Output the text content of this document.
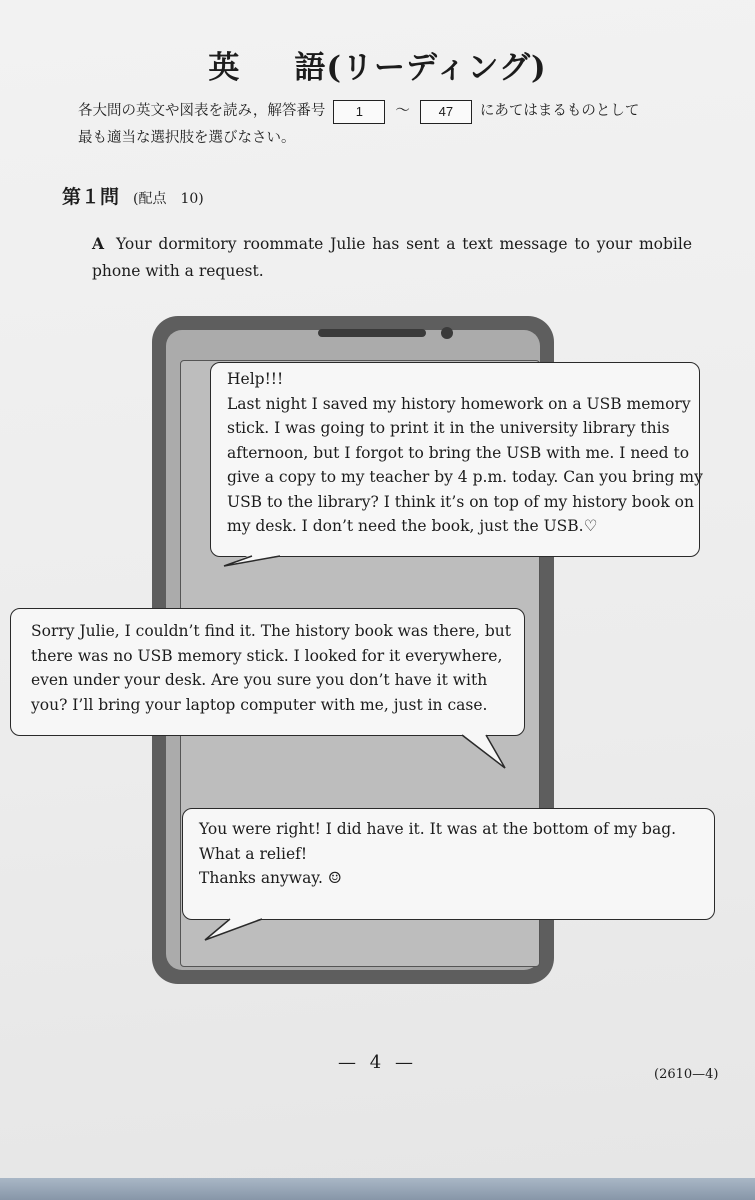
英 語(リーディング)
各大問の英文や図表を読み，解答番号	1	〜	47	にあてはまるものとして
最も適当な選択肢を選びなさい。
第１問 (配点　10)
A Your dormitory roommate Julie has sent a text message to your mobile phone with a request.
Help!!!
Last night I saved my history homework on a USB memory
stick. I was going to print it in the university library this
afternoon, but I forgot to bring the USB with me. I need to
give a copy to my teacher by 4 p.m. today. Can you bring my
USB to the library? I think it’s on top of my history book on
my desk. I don’t need the book, just the USB.♡
Sorry Julie, I couldn’t find it. The history book was there, but
there was no USB memory stick. I looked for it everywhere,
even under your desk. Are you sure you don’t have it with
you? I’ll bring your laptop computer with me, just in case.
You were right! I did have it. It was at the bottom of my bag.
What a relief!
Thanks anyway. ☺
— 4 —
(2610—4)
